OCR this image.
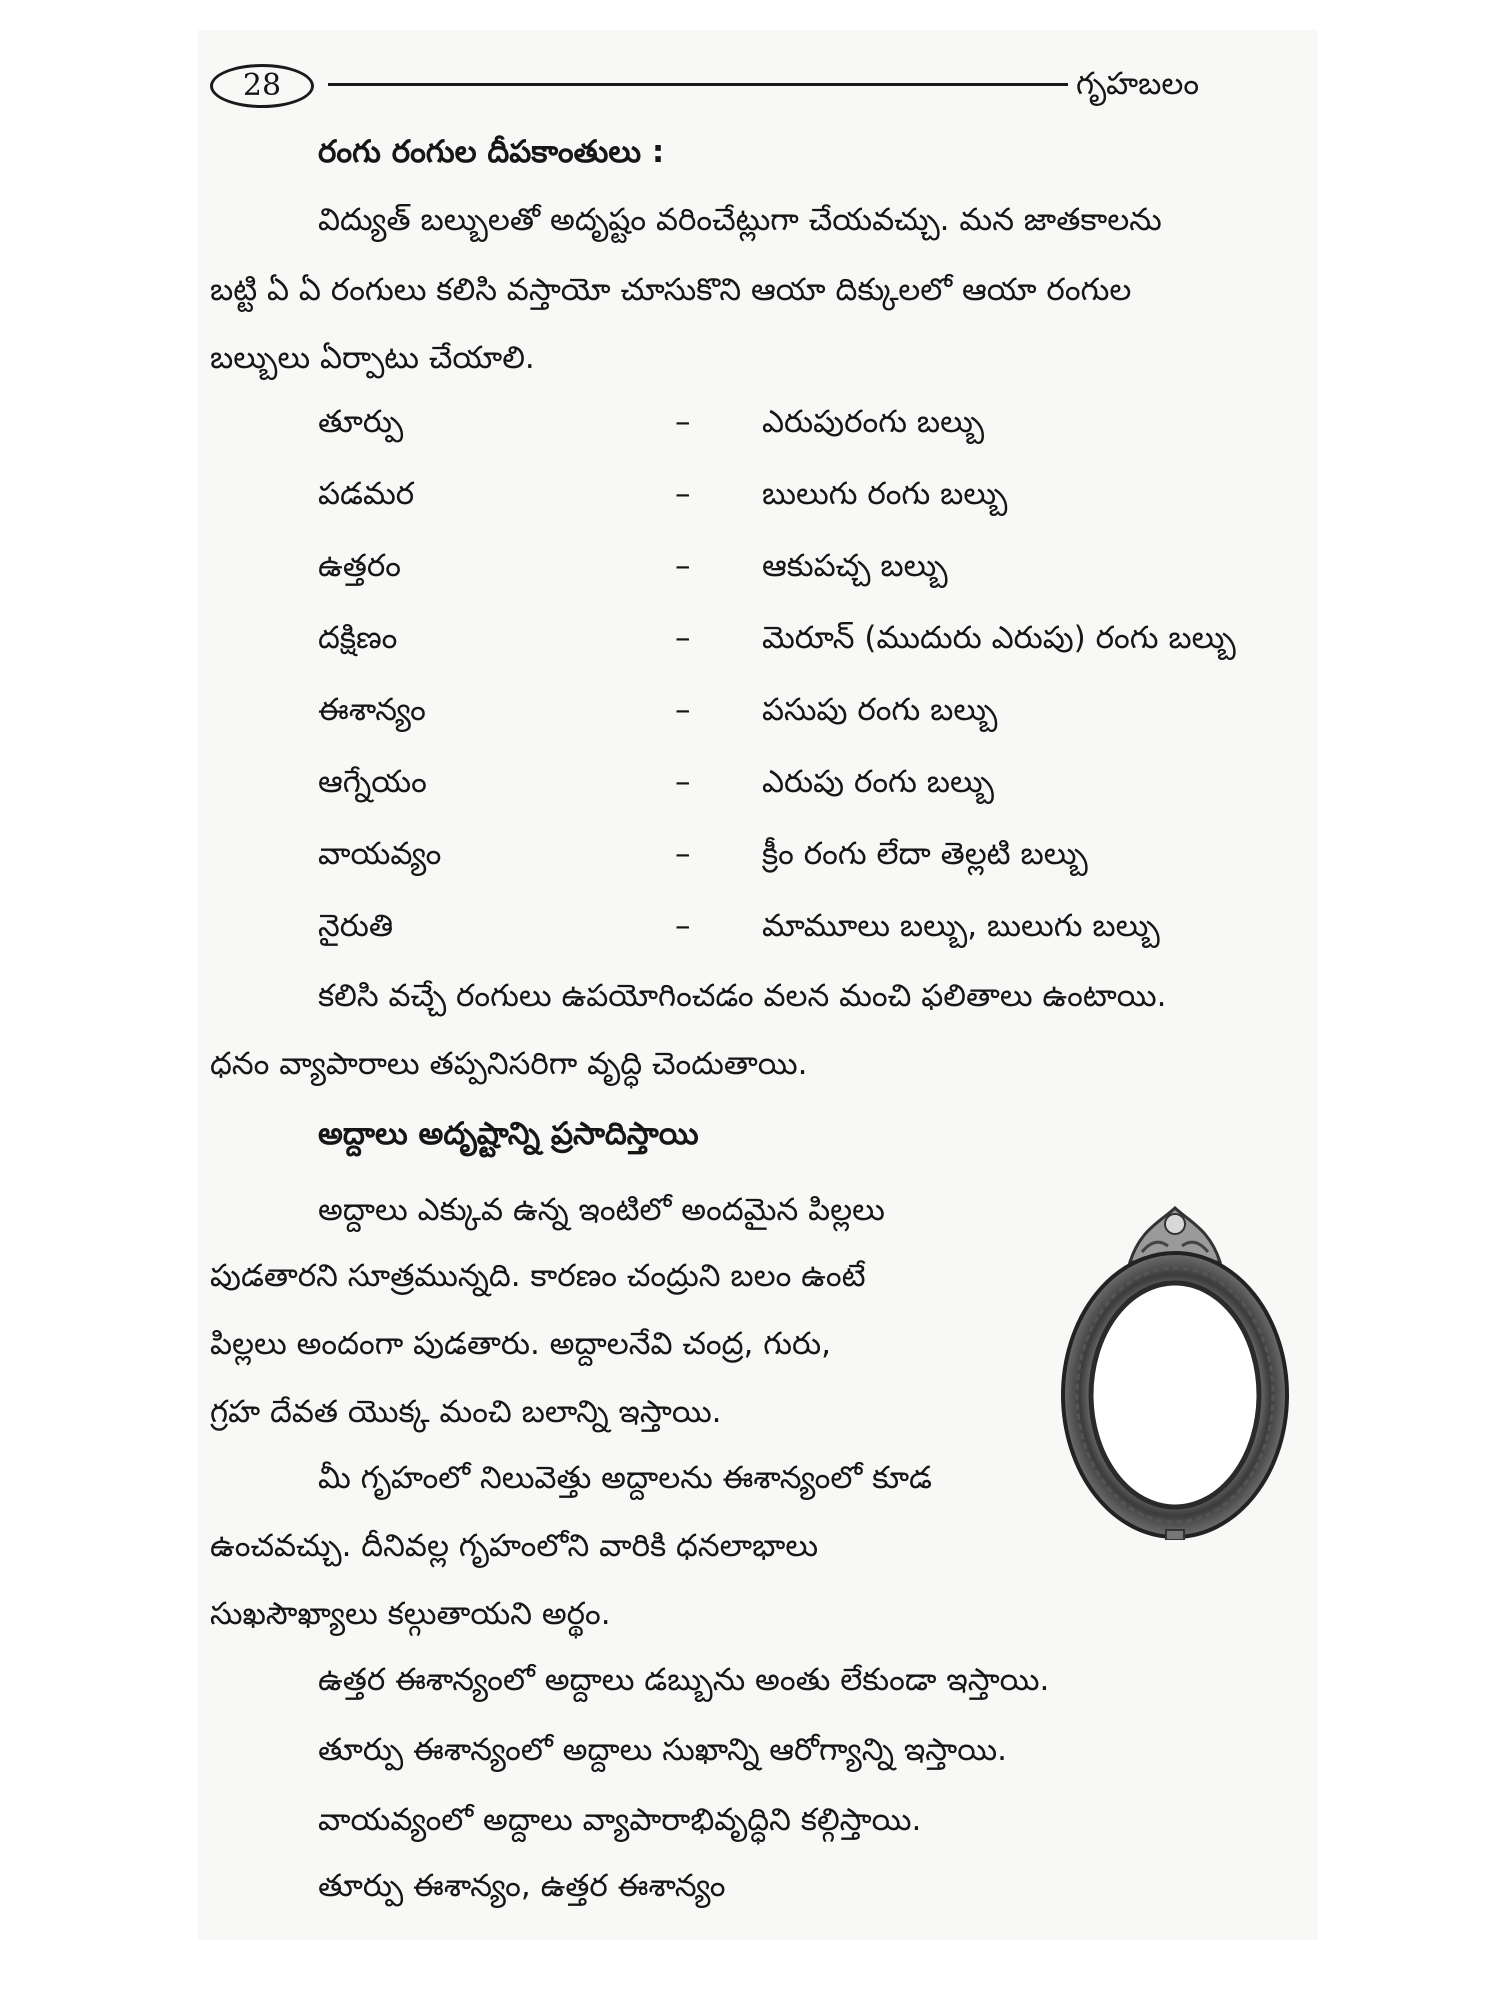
28	గృహబలం
రంగు రంగుల దీపకాంతులు :
విద్యుత్ బల్బులతో అదృష్టం వరించేట్లుగా చేయవచ్చు. మన జాతకాలను
బట్టి ఏ ఏ రంగులు కలిసి వస్తాయో చూసుకొని ఆయా దిక్కులలో ఆయా రంగుల
బల్బులు ఏర్పాటు చేయాలి.
తూర్పు	– ఎరుపురంగు బల్బు
పడమర	– బులుగు రంగు బల్బు
ఉత్తరం	– ఆకుపచ్చ బల్బు
దక్షిణం	– మెరూన్ (ముదురు ఎరుపు) రంగు బల్బు
ఈశాన్యం	– పసుపు రంగు బల్బు
ఆగ్నేయం	– ఎరుపు రంగు బల్బు
వాయవ్యం	– క్రీం రంగు లేదా తెల్లటి బల్బు
నైరుతి	– మామూలు బల్బు, బులుగు బల్బు
కలిసి వచ్చే రంగులు ఉపయోగించడం వలన మంచి ఫలితాలు ఉంటాయి.
ధనం వ్యాపారాలు తప్పనిసరిగా వృద్ధి చెందుతాయి.
అద్దాలు అదృష్టాన్ని ప్రసాదిస్తాయి
అద్దాలు ఎక్కువ ఉన్న ఇంటిలో అందమైన పిల్లలు
పుడతారని సూత్రమున్నది. కారణం చంద్రుని బలం ఉంటే
పిల్లలు అందంగా పుడతారు. అద్దాలనేవి చంద్ర, గురు,
గ్రహ దేవత యొక్క మంచి బలాన్ని ఇస్తాయి.
మీ గృహంలో నిలువెత్తు అద్దాలను ఈశాన్యంలో కూడ
ఉంచవచ్చు. దీనివల్ల గృహంలోని వారికి ధనలాభాలు
సుఖసౌఖ్యాలు కల్గుతాయని అర్థం.
ఉత్తర ఈశాన్యంలో అద్దాలు డబ్బును అంతు లేకుండా ఇస్తాయి.
తూర్పు ఈశాన్యంలో అద్దాలు సుఖాన్ని ఆరోగ్యాన్ని ఇస్తాయి.
వాయవ్యంలో అద్దాలు వ్యాపారాభివృద్ధిని కల్గిస్తాయి.
తూర్పు ఈశాన్యం, ఉత్తర ఈశాన్యం
